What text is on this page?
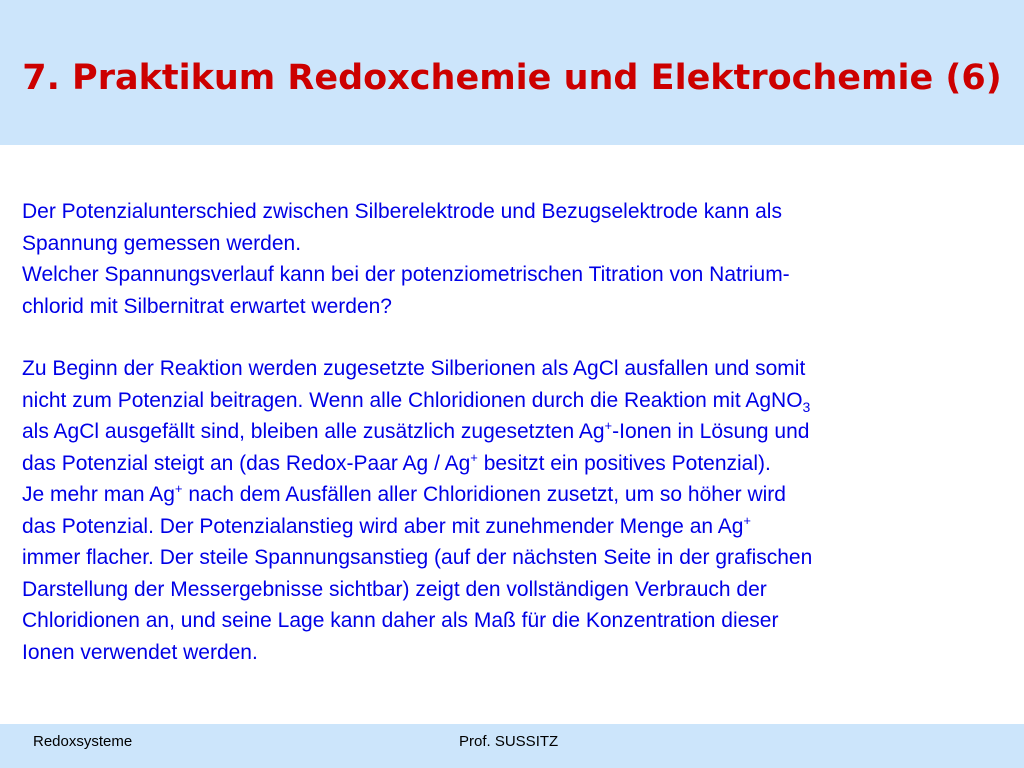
7. Praktikum Redoxchemie und Elektrochemie (6)

Der Potenzialunterschied zwischen Silberelektrode und Bezugselektrode kann als
Spannung gemessen werden.
Welcher Spannungsverlauf kann bei der potenziometrischen Titration von Natrium-
chlorid mit Silbernitrat erwartet werden?

Zu Beginn der Reaktion werden zugesetzte Silberionen als AgCl ausfallen und somit
nicht zum Potenzial beitragen. Wenn alle Chloridionen durch die Reaktion mit AgNO$_3$
als AgCl ausgefällt sind, bleiben alle zusätzlich zugesetzten Ag+-Ionen in Lösung und
das Potenzial steigt an (das Redox-Paar Ag / Ag+ besitzt ein positives Potenzial).
Je mehr man Ag+ nach dem Ausfällen aller Chloridionen zusetzt, um so höher wird
das Potenzial. Der Potenzialanstieg wird aber mit zunehmender Menge an Ag+
immer flacher. Der steile Spannungsanstieg (auf der nächsten Seite in der grafischen
Darstellung der Messergebnisse sichtbar) zeigt den vollständigen Verbrauch der
Chloridionen an, und seine Lage kann daher als Maß für die Konzentration dieser
Ionen verwendet werden.

Redoxsysteme	Prof. SUSSITZ
